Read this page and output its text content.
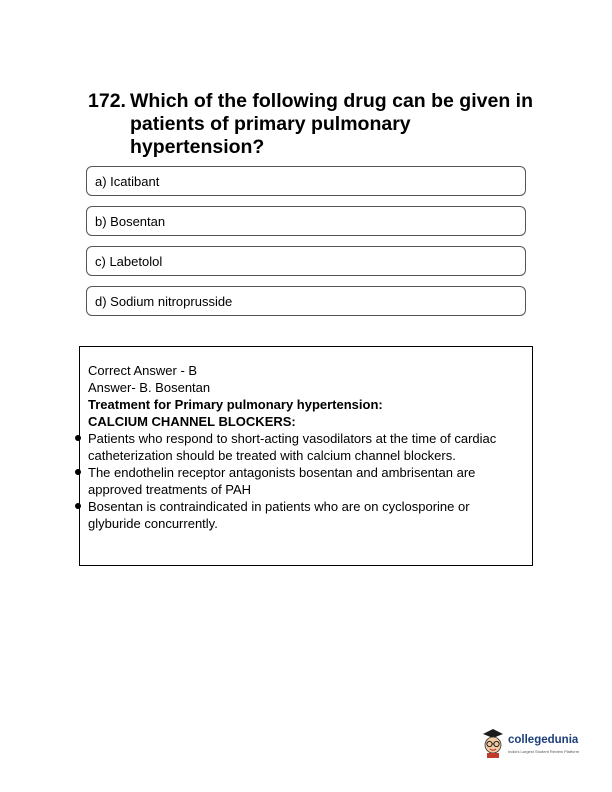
172. Which of the following drug can be given in patients of primary pulmonary hypertension?
a) Icatibant
b) Bosentan
c) Labetolol
d) Sodium nitroprusside
Correct Answer - B
Answer- B. Bosentan
Treatment for Primary pulmonary hypertension:
CALCIUM CHANNEL BLOCKERS:
Patients who respond to short-acting vasodilators at the time of cardiac catheterization should be treated with calcium channel blockers.
The endothelin receptor antagonists bosentan and ambrisentan are approved treatments of PAH
Bosentan is contraindicated in patients who are on cyclosporine or glyburide concurrently.
collegedunia
India's Largest Student Review Platform
